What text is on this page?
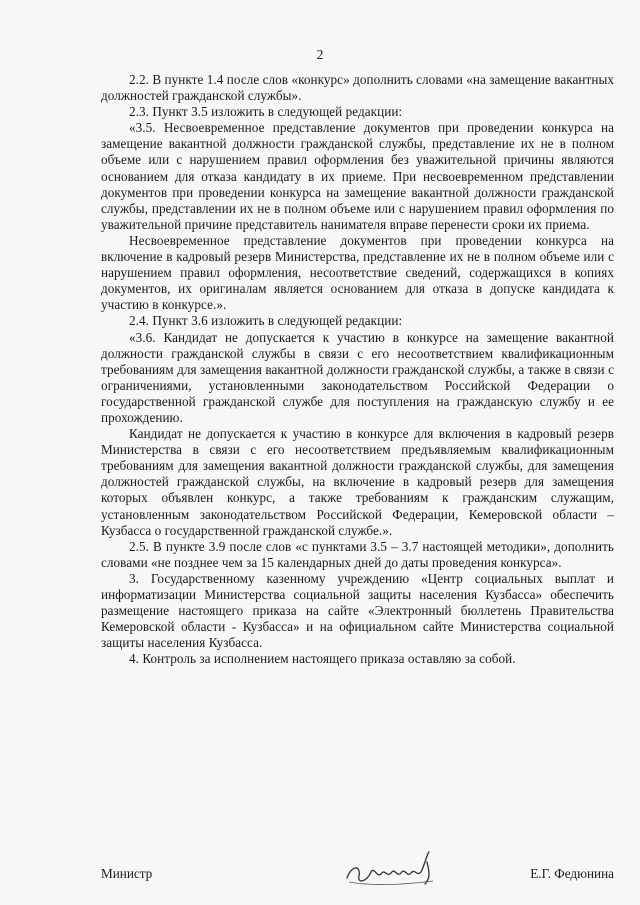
2

2.2. В пункте 1.4 после слов «конкурс» дополнить словами «на замещение вакантных должностей гражданской службы».

2.3. Пункт 3.5 изложить в следующей редакции:

«3.5. Несвоевременное представление документов при проведении конкурса на замещение вакантной должности гражданской службы, представление их не в полном объеме или с нарушением правил оформления без уважительной причины являются основанием для отказа кандидату в их приеме. При несвоевременном представлении документов при проведении конкурса на замещение вакантной должности гражданской службы, представлении их не в полном объеме или с нарушением правил оформления по уважительной причине представитель нанимателя вправе перенести сроки их приема.

Несвоевременное представление документов при проведении конкурса на включение в кадровый резерв Министерства, представление их не в полном объеме или с нарушением правил оформления, несоответствие сведений, содержащихся в копиях документов, их оригиналам является основанием для отказа в допуске кандидата к участию в конкурсе.».

2.4. Пункт 3.6 изложить в следующей редакции:

«3.6. Кандидат не допускается к участию в конкурсе на замещение вакантной должности гражданской службы в связи с его несоответствием квалификационным требованиям для замещения вакантной должности гражданской службы, а также в связи с ограничениями, установленными законодательством Российской Федерации о государственной гражданской службе для поступления на гражданскую службу и ее прохождению.

Кандидат не допускается к участию в конкурсе для включения в кадровый резерв Министерства в связи с его несоответствием предъявляемым квалификационным требованиям для замещения вакантной должности гражданской службы, для замещения должностей гражданской службы, на включение в кадровый резерв для замещения которых объявлен конкурс, а также требованиям к гражданским служащим, установленным законодательством Российской Федерации, Кемеровской области – Кузбасса о государственной гражданской службе.».

2.5. В пункте 3.9 после слов «с пунктами 3.5 – 3.7 настоящей методики», дополнить словами «не позднее чем за 15 календарных дней до даты проведения конкурса».

3. Государственному казенному учреждению «Центр социальных выплат и информатизации Министерства социальной защиты населения Кузбасса» обеспечить размещение настоящего приказа на сайте «Электронный бюллетень Правительства Кемеровской области - Кузбасса» и на официальном сайте Министерства социальной защиты населения Кузбасса.

4. Контроль за исполнением настоящего приказа оставляю за собой.

Министр	Е.Г. Федюнина
